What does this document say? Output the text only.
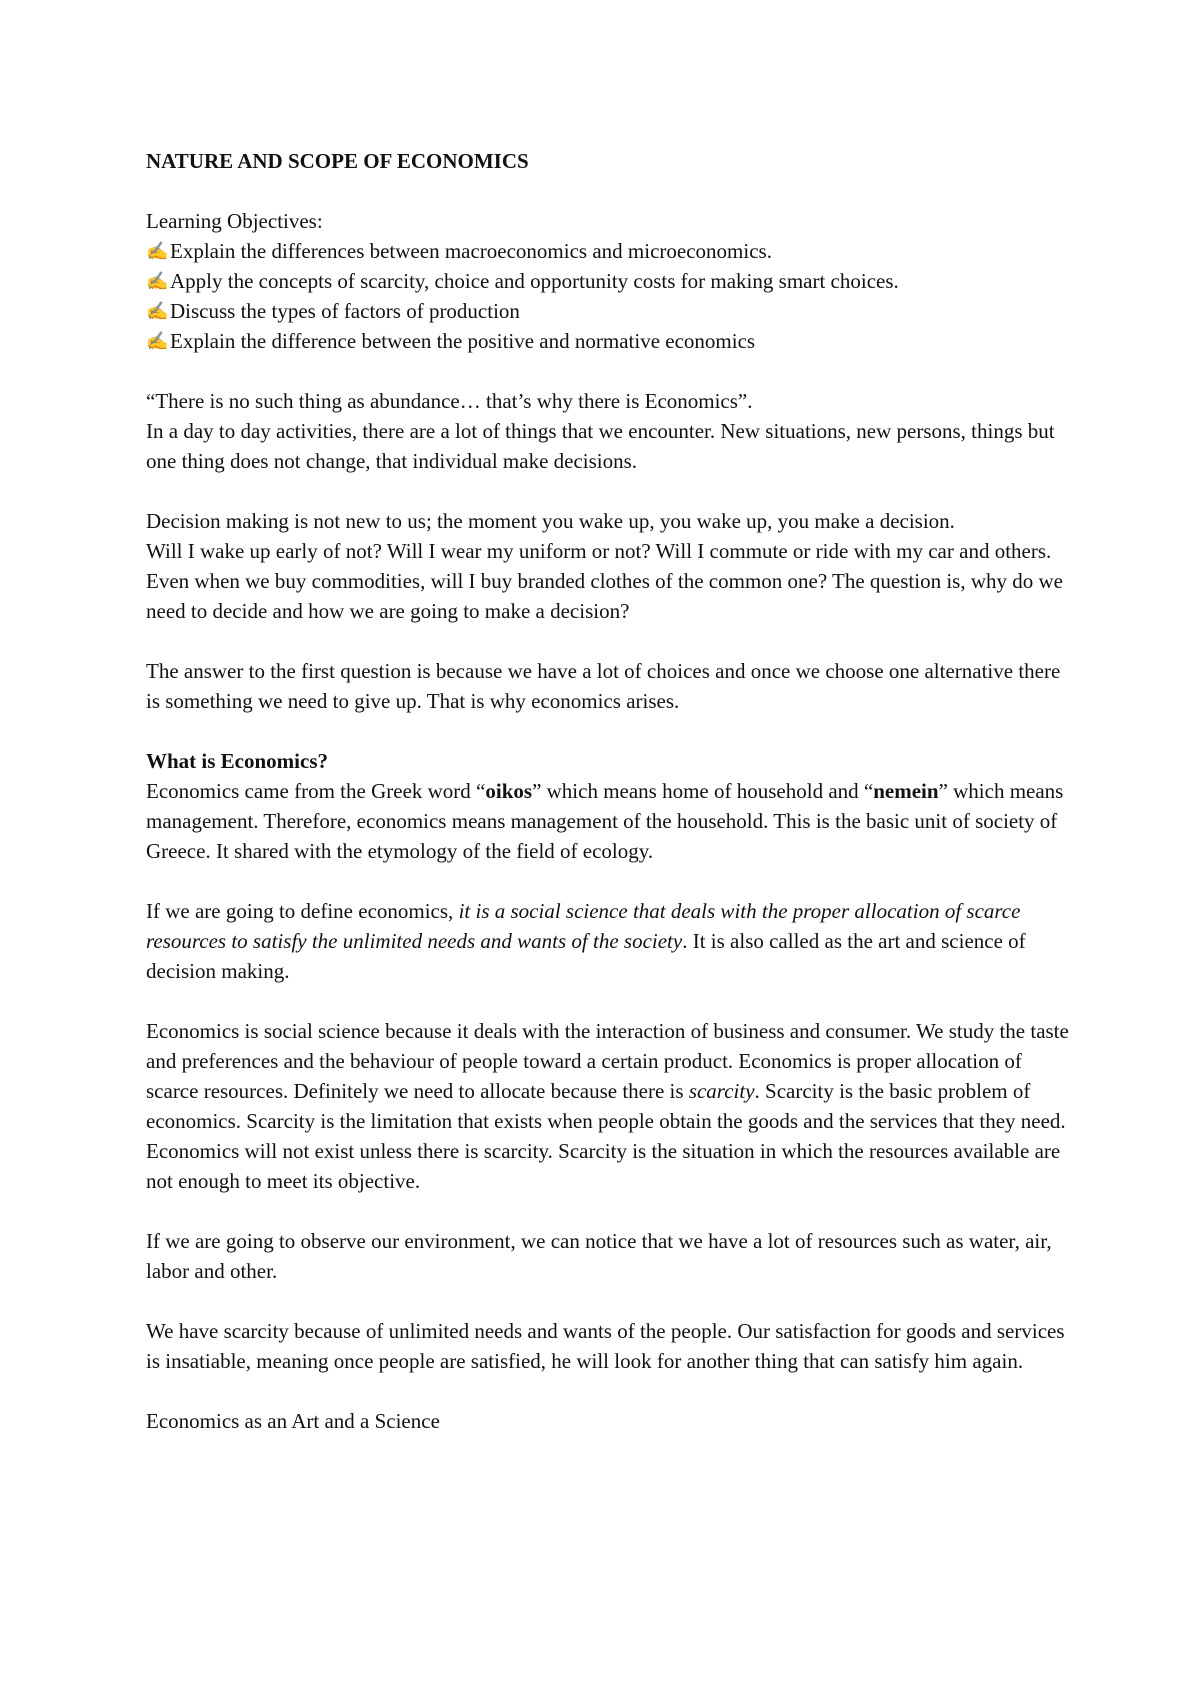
NATURE AND SCOPE OF ECONOMICS
Learning Objectives:
✍ Explain the differences between macroeconomics and microeconomics.
✍ Apply the concepts of scarcity, choice and opportunity costs for making smart choices.
✍ Discuss the types of factors of production
✍ Explain the difference between the positive and normative economics

“There is no such thing as abundance… that’s why there is Economics”.

In a day to day activities, there are a lot of things that we encounter. New situations, new persons, things but one thing does not change, that individual make decisions.

Decision making is not new to us; the moment you wake up, you wake up, you make a decision.

Will I wake up early of not? Will I wear my uniform or not? Will I commute or ride with my car and others. Even when we buy commodities, will I buy branded clothes of the common one? The question is, why do we need to decide and how we are going to make a decision?

The answer to the first question is because we have a lot of choices and once we choose one alternative there is something we need to give up. That is why economics arises.

What is Economics?

Economics came from the Greek word “oikos” which means home of household and “nemein” which means management. Therefore, economics means management of the household. This is the basic unit of society of Greece. It shared with the etymology of the field of ecology.

If we are going to define economics, it is a social science that deals with the proper allocation of scarce resources to satisfy the unlimited needs and wants of the society. It is also called as the art and science of decision making.

Economics is social science because it deals with the interaction of business and consumer. We study the taste and preferences and the behaviour of people toward a certain product. Economics is proper allocation of scarce resources. Definitely we need to allocate because there is scarcity. Scarcity is the basic problem of economics. Scarcity is the limitation that exists when people obtain the goods and the services that they need. Economics will not exist unless there is scarcity. Scarcity is the situation in which the resources available are not enough to meet its objective.

If we are going to observe our environment, we can notice that we have a lot of resources such as water, air, labor and other.

We have scarcity because of unlimited needs and wants of the people. Our satisfaction for goods and services is insatiable, meaning once people are satisfied, he will look for another thing that can satisfy him again.

Economics as an Art and a Science
